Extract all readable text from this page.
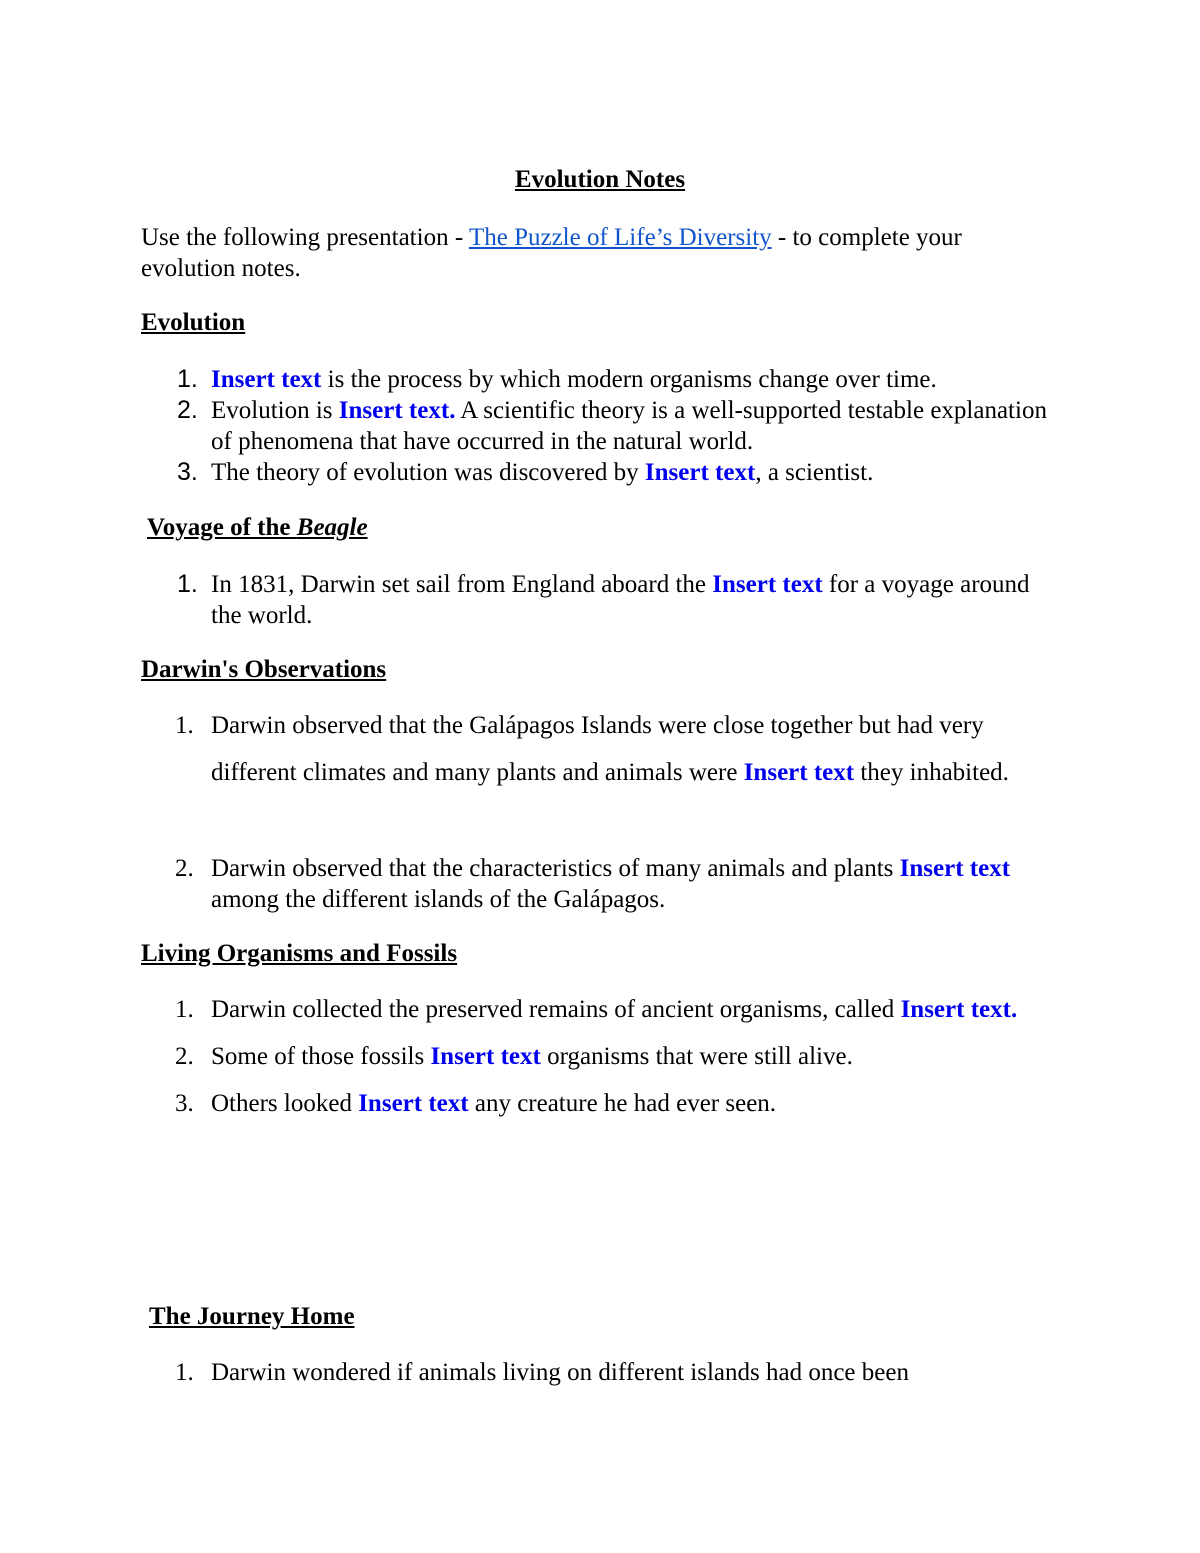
Evolution Notes
Use the following presentation - The Puzzle of Life’s Diversity - to complete your evolution notes.
Evolution
1. Insert text is the process by which modern organisms change over time.
2. Evolution is Insert text. A scientific theory is a well-supported testable explanation of phenomena that have occurred in the natural world.
3. The theory of evolution was discovered by Insert text, a scientist.
Voyage of the Beagle
1. In 1831, Darwin set sail from England aboard the Insert text for a voyage around the world.
Darwin's Observations
1. Darwin observed that the Galápagos Islands were close together but had very different climates and many plants and animals were Insert text they inhabited.
2. Darwin observed that the characteristics of many animals and plants Insert text among the different islands of the Galápagos.
Living Organisms and Fossils
1. Darwin collected the preserved remains of ancient organisms, called Insert text.
2. Some of those fossils Insert text organisms that were still alive.
3. Others looked Insert text any creature he had ever seen.
The Journey Home
1. Darwin wondered if animals living on different islands had once been
